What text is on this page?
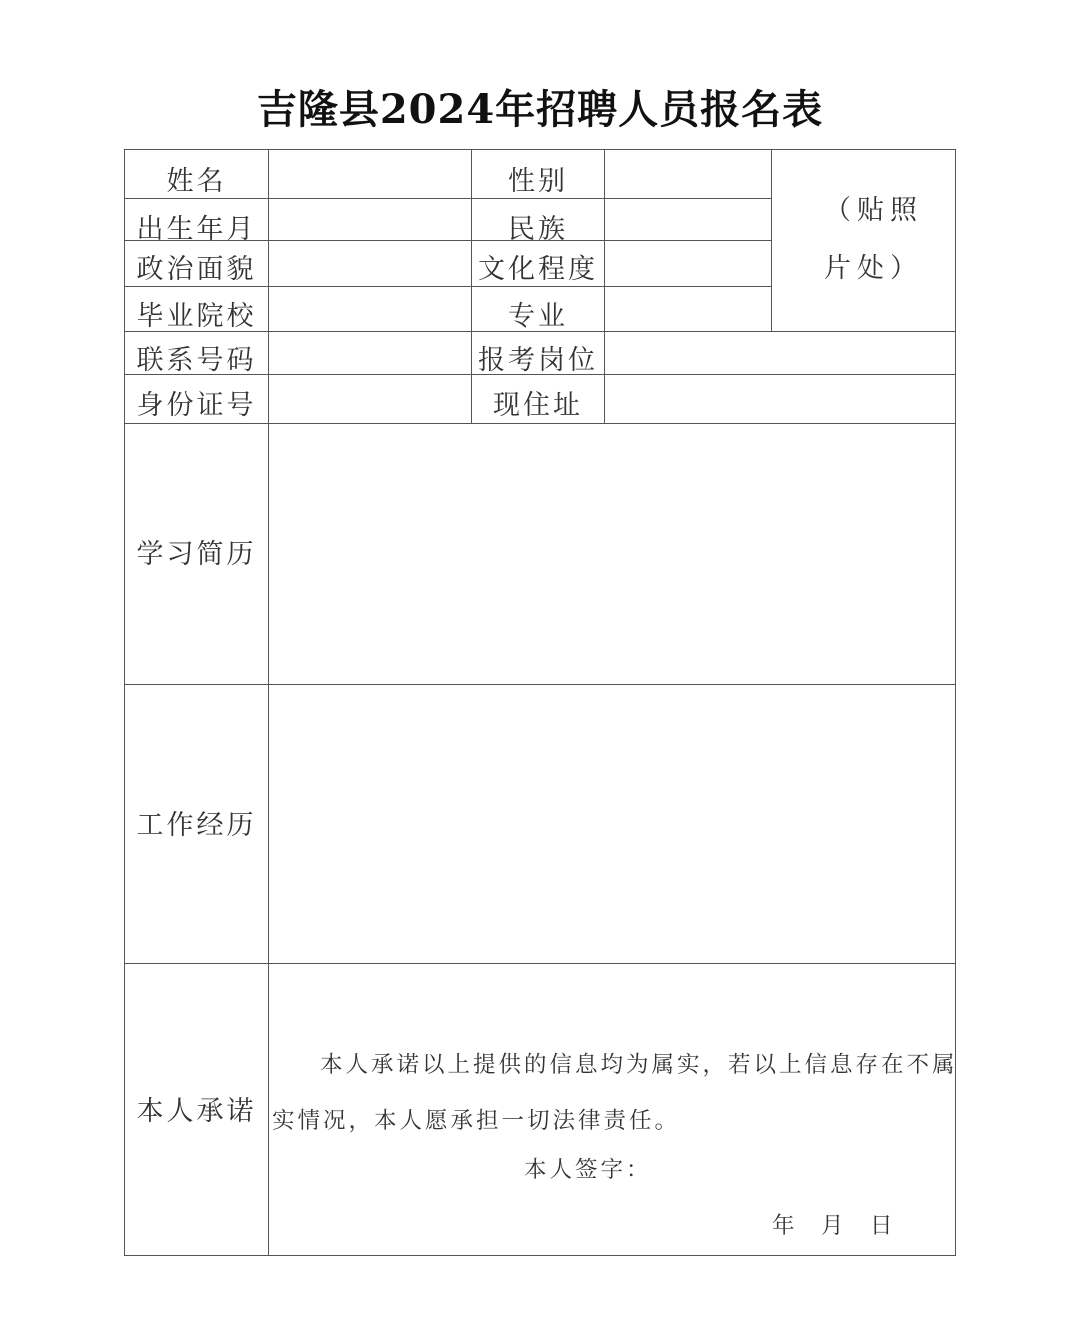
吉隆县2024年招聘人员报名表
姓名	性别
出生年月	民族
政治面貌	文化程度
毕业院校	专业
（贴照
片处）
联系号码	报考岗位
身份证号	现住址
学习简历
工作经历
本人承诺
本人承诺以上提供的信息均为属实，若以上信息存在不属
实情况，本人愿承担一切法律责任。
本人签字：
年　月　日
